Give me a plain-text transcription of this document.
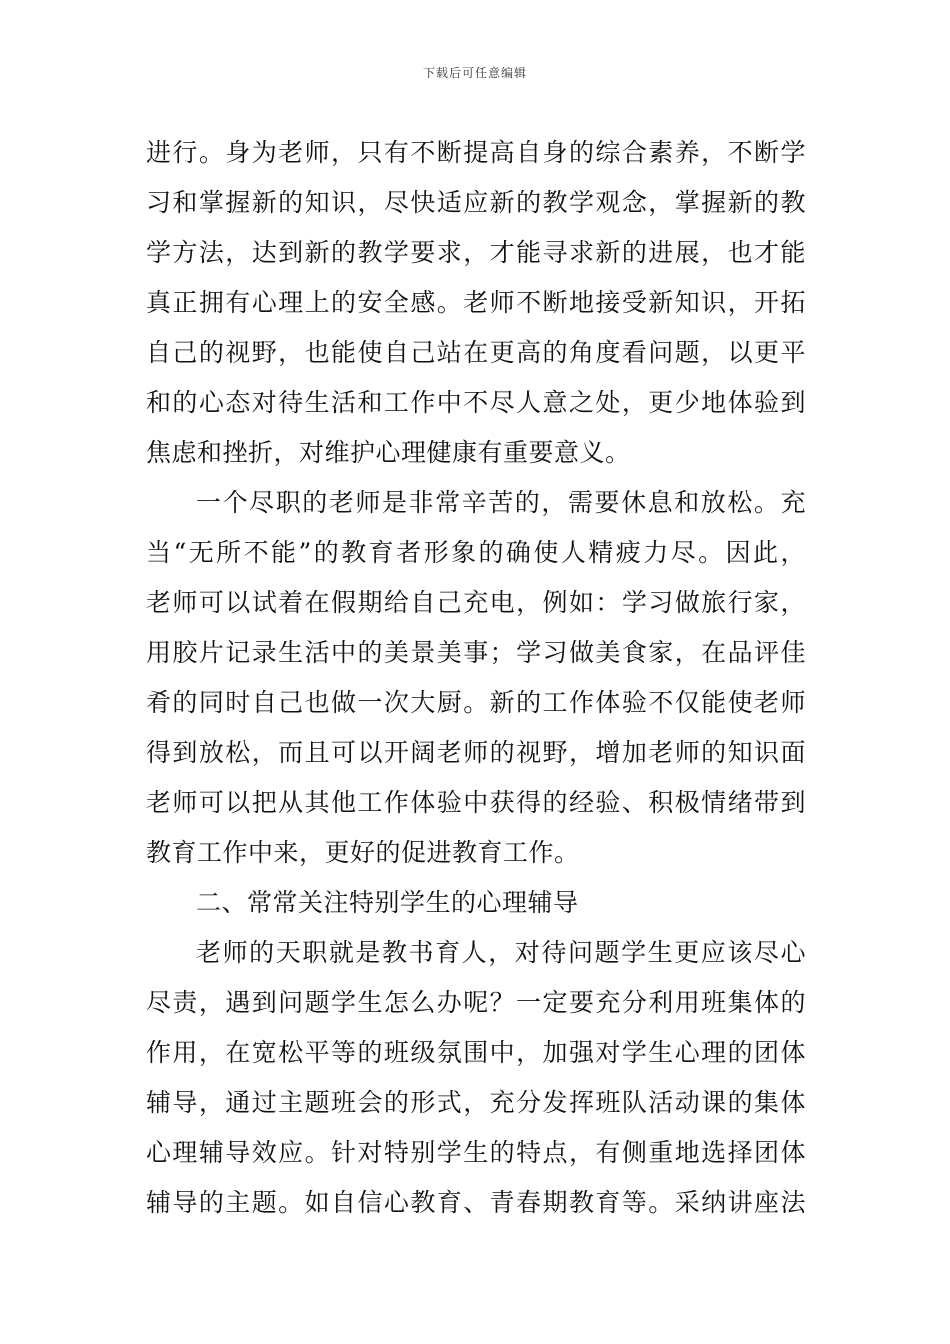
下载后可任意编辑
进行。身为老师，只有不断提高自身的综合素养，不断学
习和掌握新的知识，尽快适应新的教学观念，掌握新的教
学方法，达到新的教学要求，才能寻求新的进展，也才能
真正拥有心理上的安全感。老师不断地接受新知识，开拓
自己的视野，也能使自己站在更高的角度看问题，以更平
和的心态对待生活和工作中不尽人意之处，更少地体验到
焦虑和挫折，对维护心理健康有重要意义。
一个尽职的老师是非常辛苦的，需要休息和放松。充
当“无所不能”的教育者形象的确使人精疲力尽。因此，
老师可以试着在假期给自己充电，例如：学习做旅行家，
用胶片记录生活中的美景美事；学习做美食家，在品评佳
肴的同时自己也做一次大厨。新的工作体验不仅能使老师
得到放松，而且可以开阔老师的视野，增加老师的知识面
老师可以把从其他工作体验中获得的经验、积极情绪带到
教育工作中来，更好的促进教育工作。
二、常常关注特别学生的心理辅导
老师的天职就是教书育人，对待问题学生更应该尽心
尽责，遇到问题学生怎么办呢？一定要充分利用班集体的
作用，在宽松平等的班级氛围中，加强对学生心理的团体
辅导，通过主题班会的形式，充分发挥班队活动课的集体
心理辅导效应。针对特别学生的特点，有侧重地选择团体
辅导的主题。如自信心教育、青春期教育等。采纳讲座法
